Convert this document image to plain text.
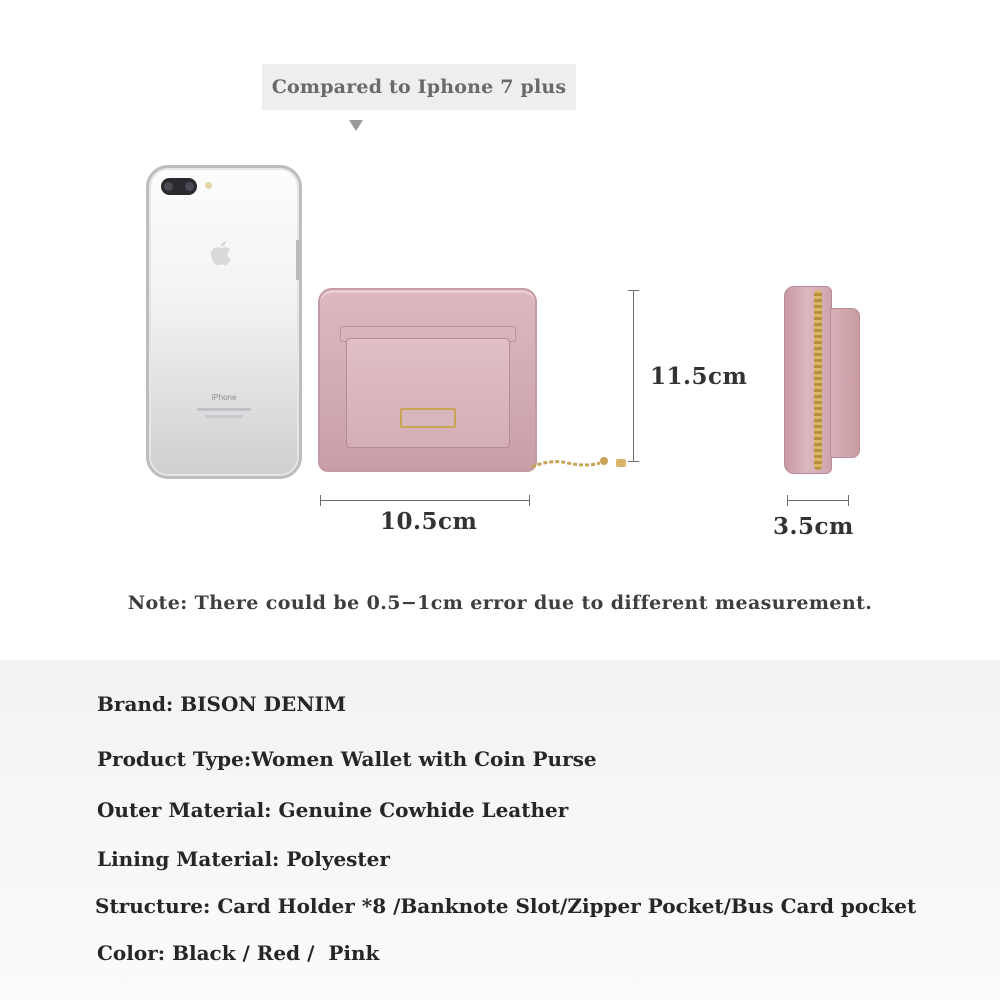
Compared to Iphone 7 plus
iPhone
10.5cm
11.5cm
3.5cm
Note: There could be 0.5−1cm error due to different measurement.
Brand: BISON DENIM
Product Type:Women Wallet with Coin Purse
Outer Material: Genuine Cowhide Leather
Lining Material: Polyester
Structure: Card Holder *8 /Banknote Slot/Zipper Pocket/Bus Card pocket
Color: Black / Red /  Pink
